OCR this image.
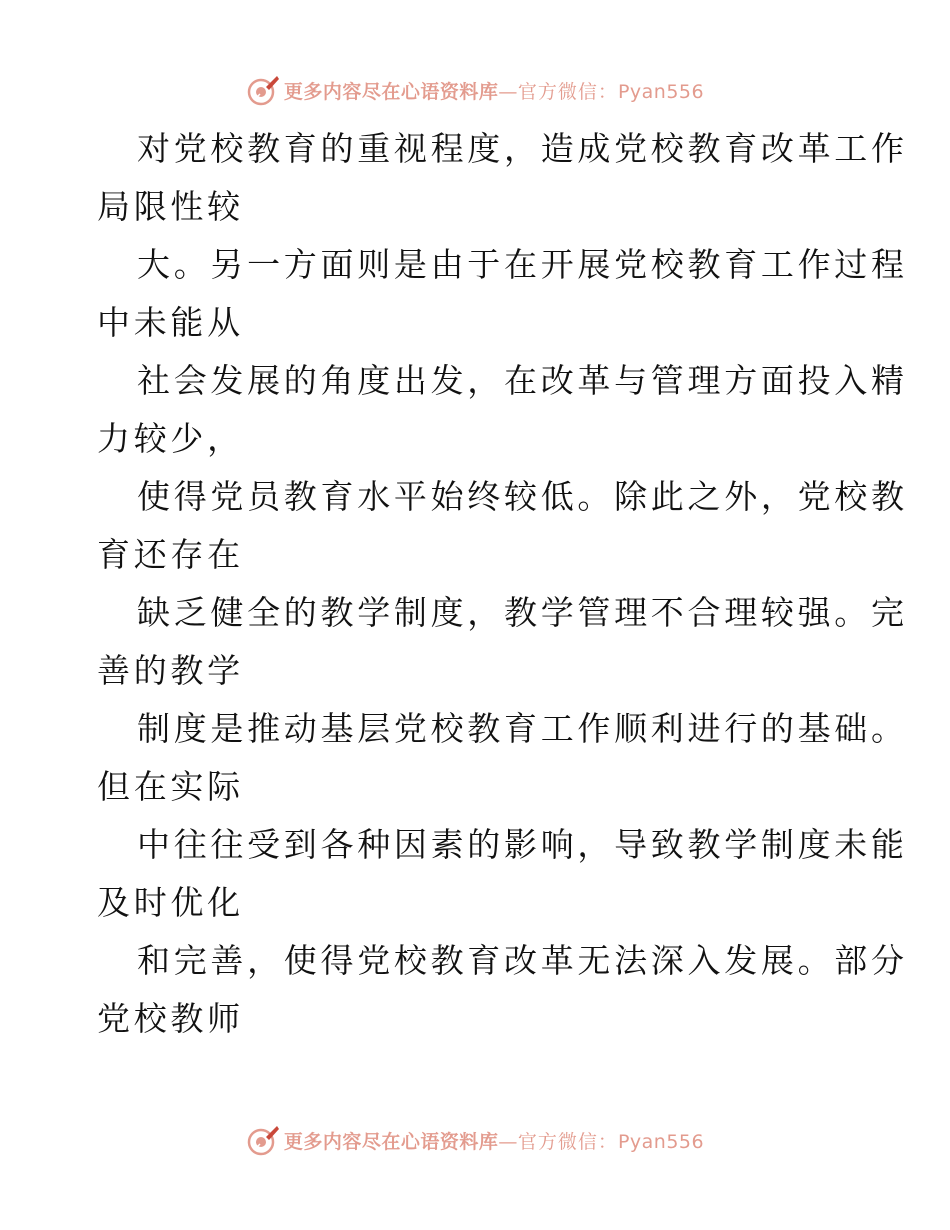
更多内容尽在心语资料库—官方微信：Pyan556

对党校教育的重视程度，造成党校教育改革工作

局限性较

大。另一方面则是由于在开展党校教育工作过程

中未能从

社会发展的角度出发，在改革与管理方面投入精

力较少，

使得党员教育水平始终较低。除此之外，党校教

育还存在

缺乏健全的教学制度，教学管理不合理较强。完

善的教学

制度是推动基层党校教育工作顺利进行的基础。

但在实际

中往往受到各种因素的影响，导致教学制度未能

及时优化

和完善，使得党校教育改革无法深入发展。部分

党校教师

更多内容尽在心语资料库—官方微信：Pyan556
